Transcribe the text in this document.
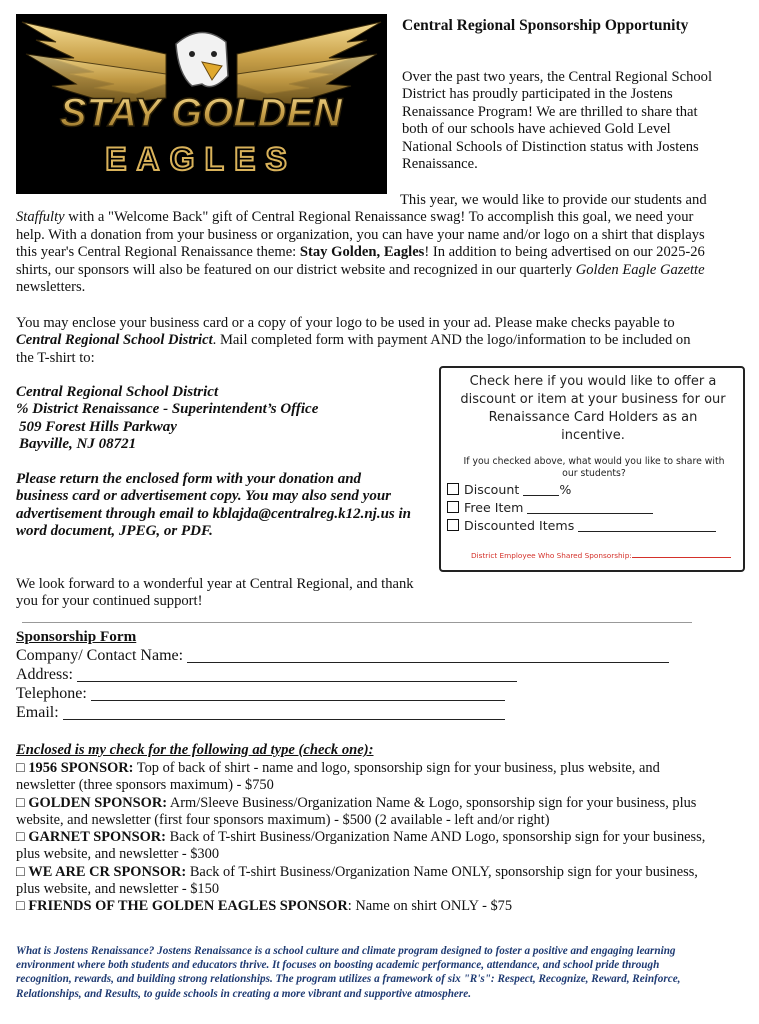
STAY GOLDEN
EAGLES
Central Regional Sponsorship Opportunity
Over the past two years, the Central Regional School District has proudly participated in the Jostens Renaissance Program! We are thrilled to share that both of our schools have achieved Gold Level National Schools of Distinction status with Jostens Renaissance.
This year, we would like to provide our students and Staffulty with a "Welcome Back" gift of Central Regional Renaissance swag! To accomplish this goal, we need your help. With a donation from your business or organization, you can have your name and/or logo on a shirt that displays this year's Central Regional Renaissance theme: Stay Golden, Eagles! In addition to being advertised on our 2025-26 shirts, our sponsors will also be featured on our district website and recognized in our quarterly Golden Eagle Gazette newsletters.
You may enclose your business card or a copy of your logo to be used in your ad. Please make checks payable to Central Regional School District. Mail completed form with payment AND the logo/information to be included on the T-shirt to:
Central Regional School District
% District Renaissance - Superintendent’s Office
509 Forest Hills Parkway
Bayville, NJ 08721
Please return the enclosed form with your donation and business card or advertisement copy. You may also send your advertisement through email to kblajda@centralreg.k12.nj.us in word document, JPEG, or PDF.
We look forward to a wonderful year at Central Regional, and thank you for your continued support!
Check here if you would like to offer a discount or item at your business for our Renaissance Card Holders as an incentive.
If you checked above, what would you like to share with our students?
Discount	%
Free Item
Discounted Items
District Employee Who Shared Sponsorship:
Sponsorship Form
Company/ Contact Name:
Address:
Telephone:
Email:
Enclosed is my check for the following ad type (check one):

□ 1956 SPONSOR: Top of back of shirt - name and logo, sponsorship sign for your business, plus website, and newsletter (three sponsors maximum) - $750

□ GOLDEN SPONSOR: Arm/Sleeve Business/Organization Name & Logo, sponsorship sign for your business, plus website, and newsletter (first four sponsors maximum) - $500 (2 available - left and/or right)

□ GARNET SPONSOR: Back of T-shirt Business/Organization Name AND Logo, sponsorship sign for your business, plus website, and newsletter - $300

□ WE ARE CR SPONSOR: Back of T-shirt Business/Organization Name ONLY, sponsorship sign for your business, plus website, and newsletter - $150

□ FRIENDS OF THE GOLDEN EAGLES SPONSOR: Name on shirt ONLY - $75

What is Jostens Renaissance? Jostens Renaissance is a school culture and climate program designed to foster a positive and engaging learning environment where both students and educators thrive. It focuses on boosting academic performance, attendance, and school pride through recognition, rewards, and building strong relationships. The program utilizes a framework of six "R's": Respect, Recognize, Reward, Reinforce, Relationships, and Results, to guide schools in creating a more vibrant and supportive atmosphere.
